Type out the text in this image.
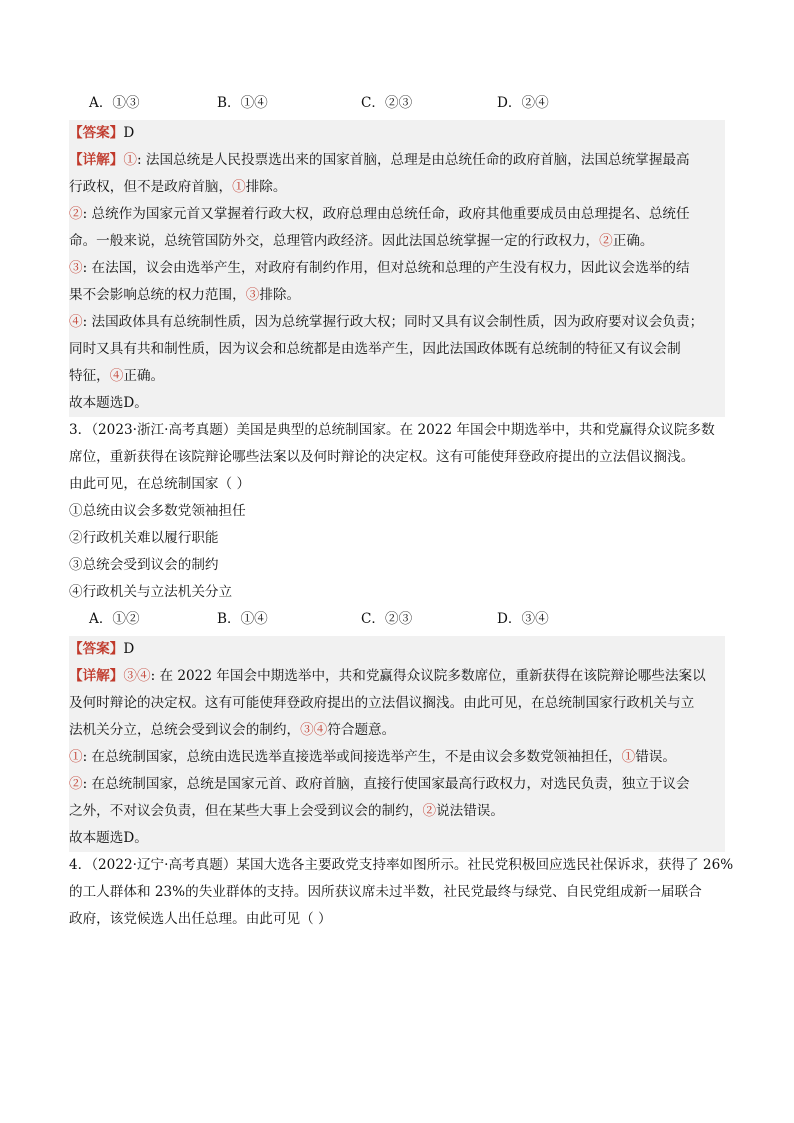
A．①③	B．①④	C．②③	D．②④
【答案】D
【详解】①: 法国总统是人民投票选出来的国家首脑，总理是由总统任命的政府首脑，法国总统掌握最高
行政权，但不是政府首脑，①排除。
②: 总统作为国家元首又掌握着行政大权，政府总理由总统任命，政府其他重要成员由总理提名、总统任
命。一般来说，总统管国防外交，总理管内政经济。因此法国总统掌握一定的行政权力，②正确。
③: 在法国，议会由选举产生，对政府有制约作用，但对总统和总理的产生没有权力，因此议会选举的结
果不会影响总统的权力范围，③排除。
④: 法国政体具有总统制性质，因为总统掌握行政大权；同时又具有议会制性质，因为政府要对议会负责；
同时又具有共和制性质，因为议会和总统都是由选举产生，因此法国政体既有总统制的特征又有议会制
特征，④正确。
故本题选D。
3．（2023·浙江·高考真题）美国是典型的总统制国家。在 2022 年国会中期选举中，共和党赢得众议院多数
席位，重新获得在该院辩论哪些法案以及何时辩论的决定权。这有可能使拜登政府提出的立法倡议搁浅。
由此可见，在总统制国家（ ）
①总统由议会多数党领袖担任
②行政机关难以履行职能
③总统会受到议会的制约
④行政机关与立法机关分立
A．①②	B．①④	C．②③	D．③④
【答案】D
【详解】③④: 在 2022 年国会中期选举中，共和党赢得众议院多数席位，重新获得在该院辩论哪些法案以
及何时辩论的决定权。这有可能使拜登政府提出的立法倡议搁浅。由此可见，在总统制国家行政机关与立
法机关分立，总统会受到议会的制约，③④符合题意。
①: 在总统制国家，总统由选民选举直接选举或间接选举产生，不是由议会多数党领袖担任，①错误。
②: 在总统制国家，总统是国家元首、政府首脑，直接行使国家最高行政权力，对选民负责，独立于议会
之外，不对议会负责，但在某些大事上会受到议会的制约，②说法错误。
故本题选D。
4．（2022·辽宁·高考真题）某国大选各主要政党支持率如图所示。社民党积极回应选民社保诉求，获得了 26%
的工人群体和 23%的失业群体的支持。因所获议席未过半数，社民党最终与绿党、自民党组成新一届联合
政府，该党候选人出任总理。由此可见（ ）
